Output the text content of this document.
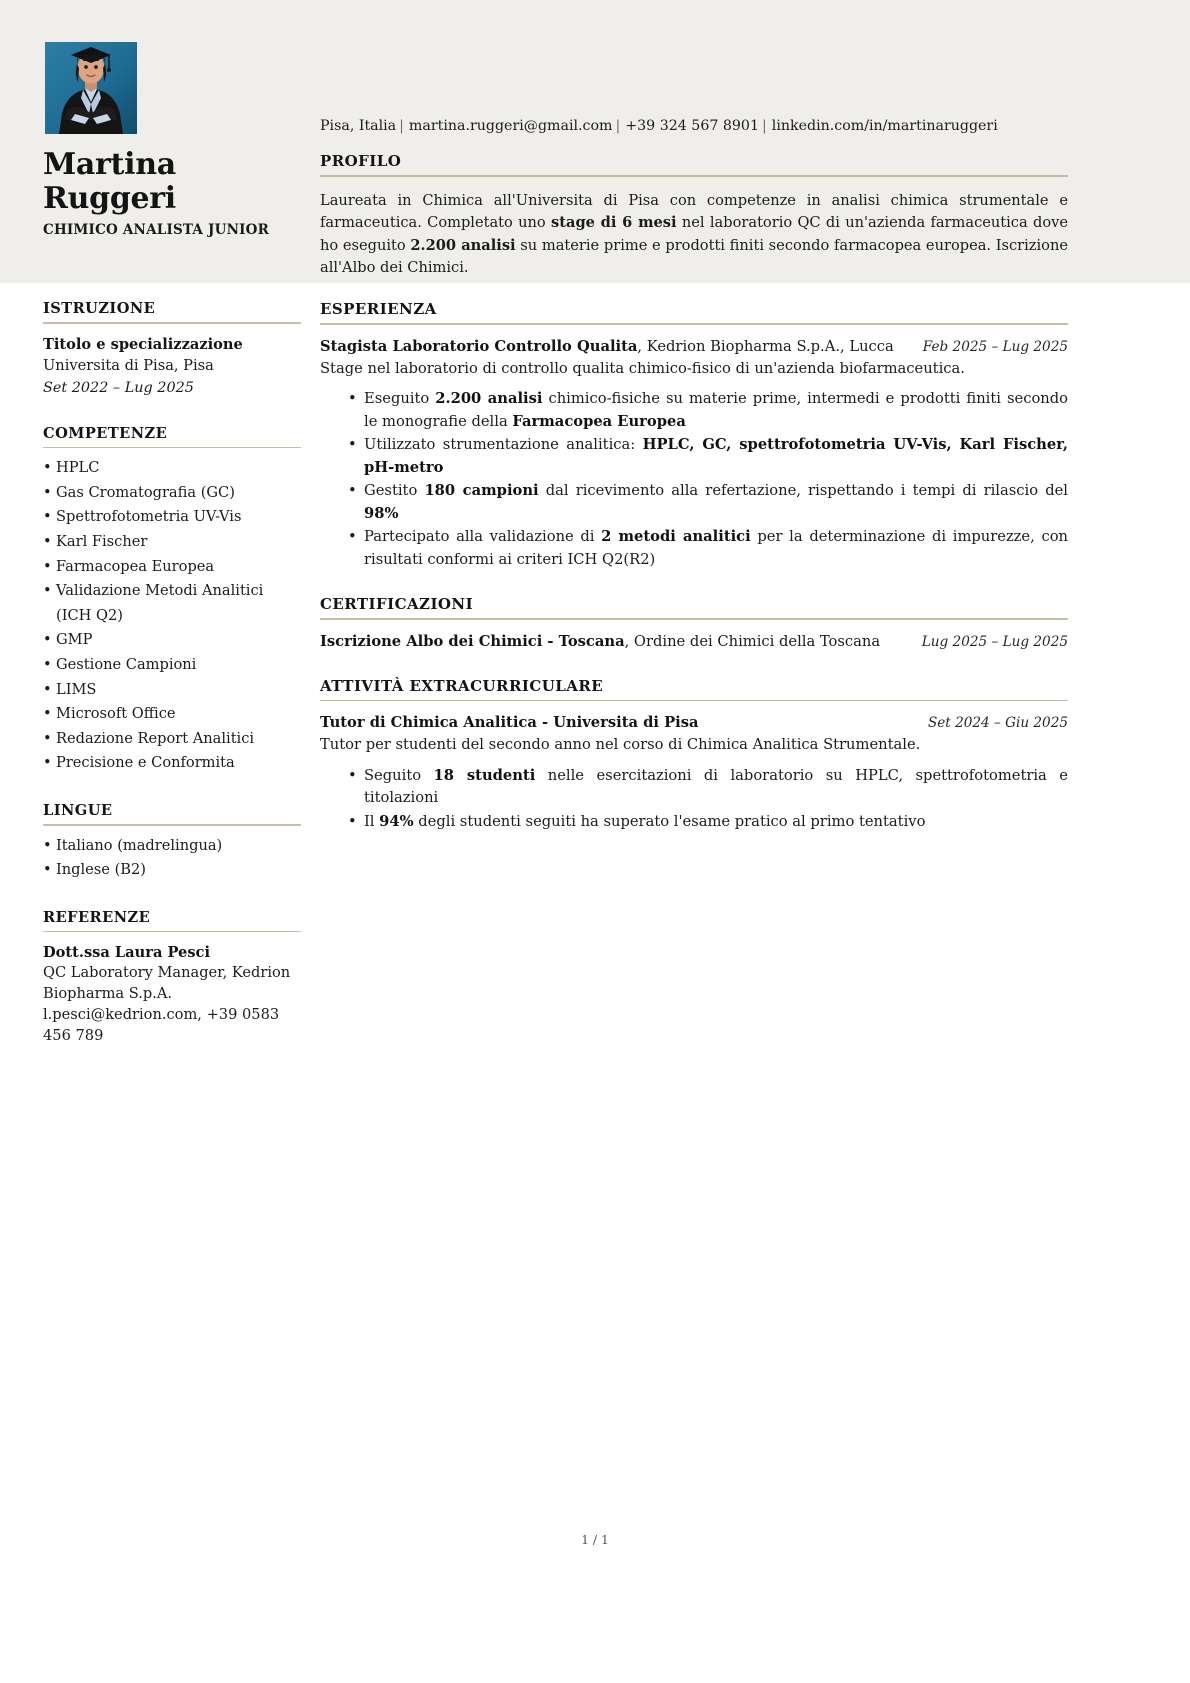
Martina
Ruggeri
CHIMICO ANALISTA JUNIOR
Pisa, Italia | martina.ruggeri@gmail.com | +39 324 567 8901 | linkedin.com/in/martinaruggeri
PROFILO
Laureata in Chimica all'Universita di Pisa con competenze in analisi chimica strumentale e farmaceutica. Completato uno stage di 6 mesi nel laboratorio QC di un'azienda farmaceutica dove ho eseguito 2.200 analisi su materie prime e prodotti finiti secondo farmacopea europea. Iscrizione all'Albo dei Chimici.
ISTRUZIONE
Titolo e specializzazione
Universita di Pisa, Pisa
Set 2022 – Lug 2025
COMPETENZE
• HPLC
• Gas Cromatografia (GC)
• Spettrofotometria UV-Vis
• Karl Fischer
• Farmacopea Europea
• Validazione Metodi Analitici (ICH Q2)
• GMP
• Gestione Campioni
• LIMS
• Microsoft Office
• Redazione Report Analitici
• Precisione e Conformita
LINGUE
• Italiano (madrelingua)
• Inglese (B2)
REFERENZE
Dott.ssa Laura Pesci
QC Laboratory Manager, Kedrion Biopharma S.p.A.
l.pesci@kedrion.com, +39 0583 456 789
ESPERIENZA
Stagista Laboratorio Controllo Qualita, Kedrion Biopharma S.p.A., Lucca	Feb 2025 – Lug 2025
Stage nel laboratorio di controllo qualita chimico-fisico di un'azienda biofarmaceutica.
• Eseguito 2.200 analisi chimico-fisiche su materie prime, intermedi e prodotti finiti secondo le monografie della Farmacopea Europea
• Utilizzato strumentazione analitica: HPLC, GC, spettrofotometria UV-Vis, Karl Fischer, pH-metro
• Gestito 180 campioni dal ricevimento alla refertazione, rispettando i tempi di rilascio del 98%
• Partecipato alla validazione di 2 metodi analitici per la determinazione di impurezze, con risultati conformi ai criteri ICH Q2(R2)
CERTIFICAZIONI
Iscrizione Albo dei Chimici - Toscana, Ordine dei Chimici della Toscana	Lug 2025 – Lug 2025
ATTIVITÀ EXTRACURRICULARE
Tutor di Chimica Analitica - Universita di Pisa	Set 2024 – Giu 2025
Tutor per studenti del secondo anno nel corso di Chimica Analitica Strumentale.
• Seguito 18 studenti nelle esercitazioni di laboratorio su HPLC, spettrofotometria e titolazioni
• Il 94% degli studenti seguiti ha superato l'esame pratico al primo tentativo
1 / 1
